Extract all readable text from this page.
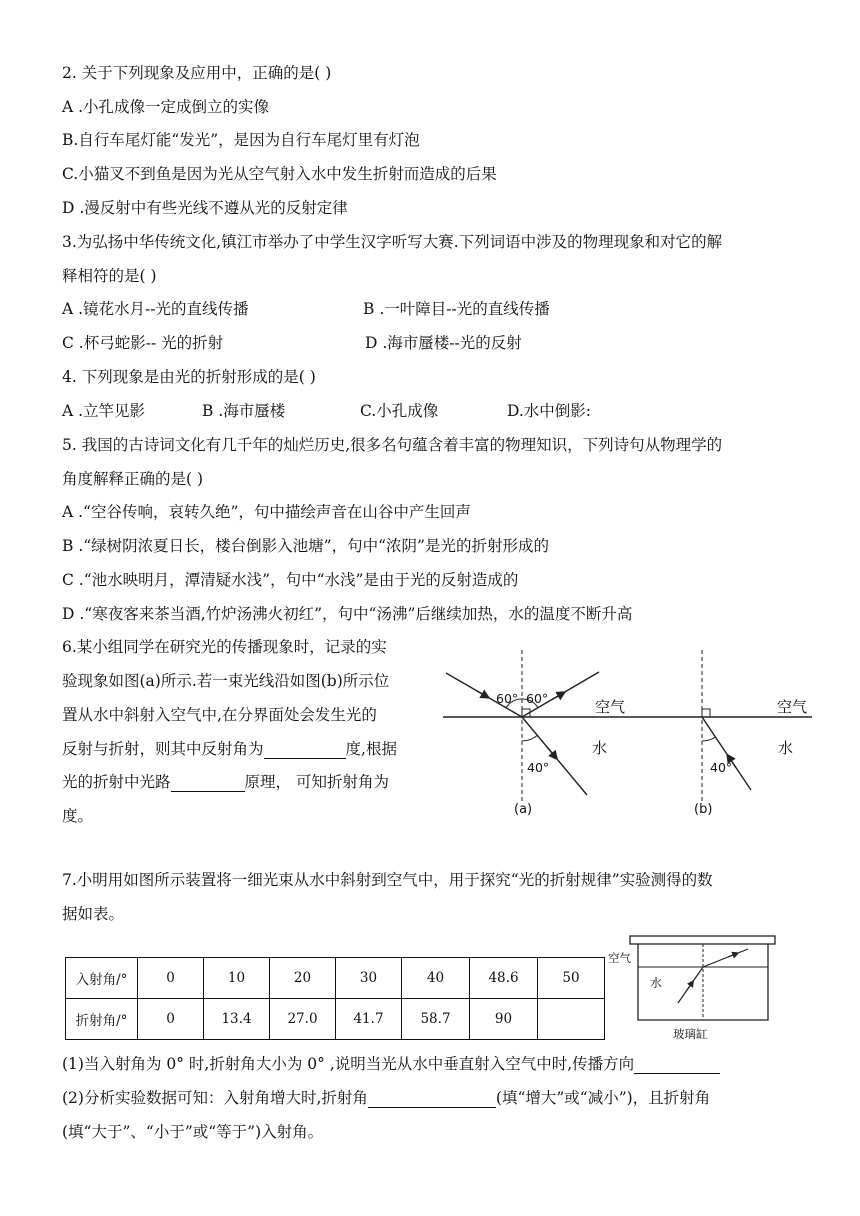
2. 关于下列现象及应用中，正确的是( )
A .小孔成像一定成倒立的实像
B.自行车尾灯能“发光”，是因为自行车尾灯里有灯泡
C.小猫叉不到鱼是因为光从空气射入水中发生折射而造成的后果
D .漫反射中有些光线不遵从光的反射定律
3.为弘扬中华传统文化,镇江市举办了中学生汉字听写大赛.下列词语中涉及的物理现象和对它的解
释相符的是( )
A .镜花水月--光的直线传播	B .一叶障目--光的直线传播
C .杯弓蛇影-- 光的折射	D .海市蜃楼--光的反射
4. 下列现象是由光的折射形成的是( )
A .立竿见影	B .海市蜃楼	C.小孔成像	D.水中倒影:
5. 我国的古诗词文化有几千年的灿烂历史,很多名句蕴含着丰富的物理知识，下列诗句从物理学的
角度解释正确的是( )
A .“空谷传响，哀转久绝”，句中描绘声音在山谷中产生回声
B .“绿树阴浓夏日长，楼台倒影入池塘”，句中“浓阴”是光的折射形成的
C .“池水映明月，潭清疑水浅”，句中“水浅”是由于光的反射造成的
D .“寒夜客来茶当酒,竹炉汤沸火初红”，句中“汤沸”后继续加热，水的温度不断升高
6.某小组同学在研究光的传播现象时，记录的实
验现象如图(a)所示.若一束光线沿如图(b)所示位
置从水中斜射入空气中,在分界面处会发生光的
反射与折射，则其中反射角为	度,根据
光的折射中光路	原理， 可知折射角为
度。
60° 60°
40°
空气
水
(a)
40°
空气
水
(b)
7.小明用如图所示装置将一细光束从水中斜射到空气中，用于探究“光的折射规律”实验测得的数
据如表。
入射角/°	0	10	20	30	40	48.6	50
折射角/°	0	13.4	27.0	41.7	58.7	90	
空气
水
玻璃缸
(1)当入射角为 0° 时,折射角大小为 0° ,说明当光从水中垂直射入空气中时,传播方向
(2)分析实验数据可知：入射角增大时,折射角	(填“增大”或“减小”)，且折射角
(填“大于”、“小于”或“等于”)入射角。
